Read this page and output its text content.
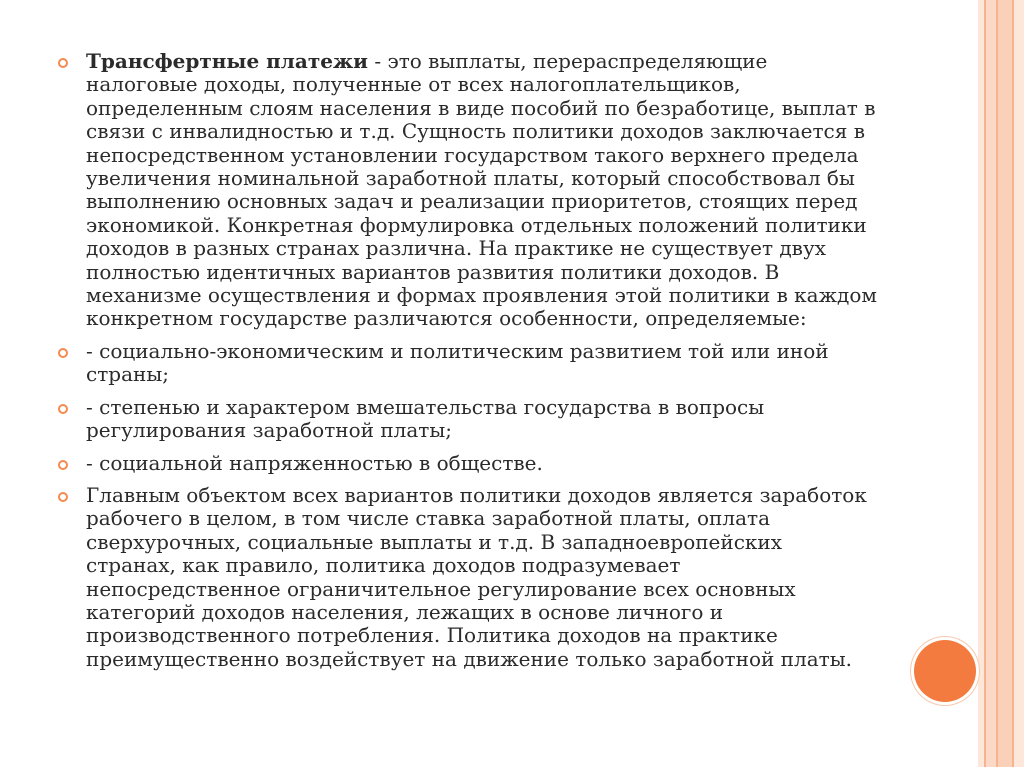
Трансфертные платежи - это выплаты, перераспределяющие налоговые доходы, полученные от всех налогоплательщиков, определенным слоям населения в виде пособий по безработице, выплат в связи с инвалидностью и т.д. Сущность политики доходов заключается в непосредственном установлении государством такого верхнего предела увеличения номинальной заработной платы, который способствовал бы выполнению основных задач и реализации приоритетов, стоящих перед экономикой. Конкретная формулировка отдельных положений политики доходов в разных странах различна. На практике не существует двух полностью идентичных вариантов развития политики доходов. В механизме осуществления и формах проявления этой политики в каждом конкретном государстве различаются особенности, определяемые:
- социально-экономическим и политическим развитием той или иной страны;
- степенью и характером вмешательства государства в вопросы регулирования заработной платы;
- социальной напряженностью в обществе.
Главным объектом всех вариантов политики доходов является заработок рабочего в целом, в том числе ставка заработной платы, оплата сверхурочных, социальные выплаты и т.д. В западноевропейских странах, как правило, политика доходов подразумевает непосредственное ограничительное регулирование всех основных категорий доходов населения, лежащих в основе личного и производственного потребления. Политика доходов на практике преимущественно воздействует на движение только заработной платы.
